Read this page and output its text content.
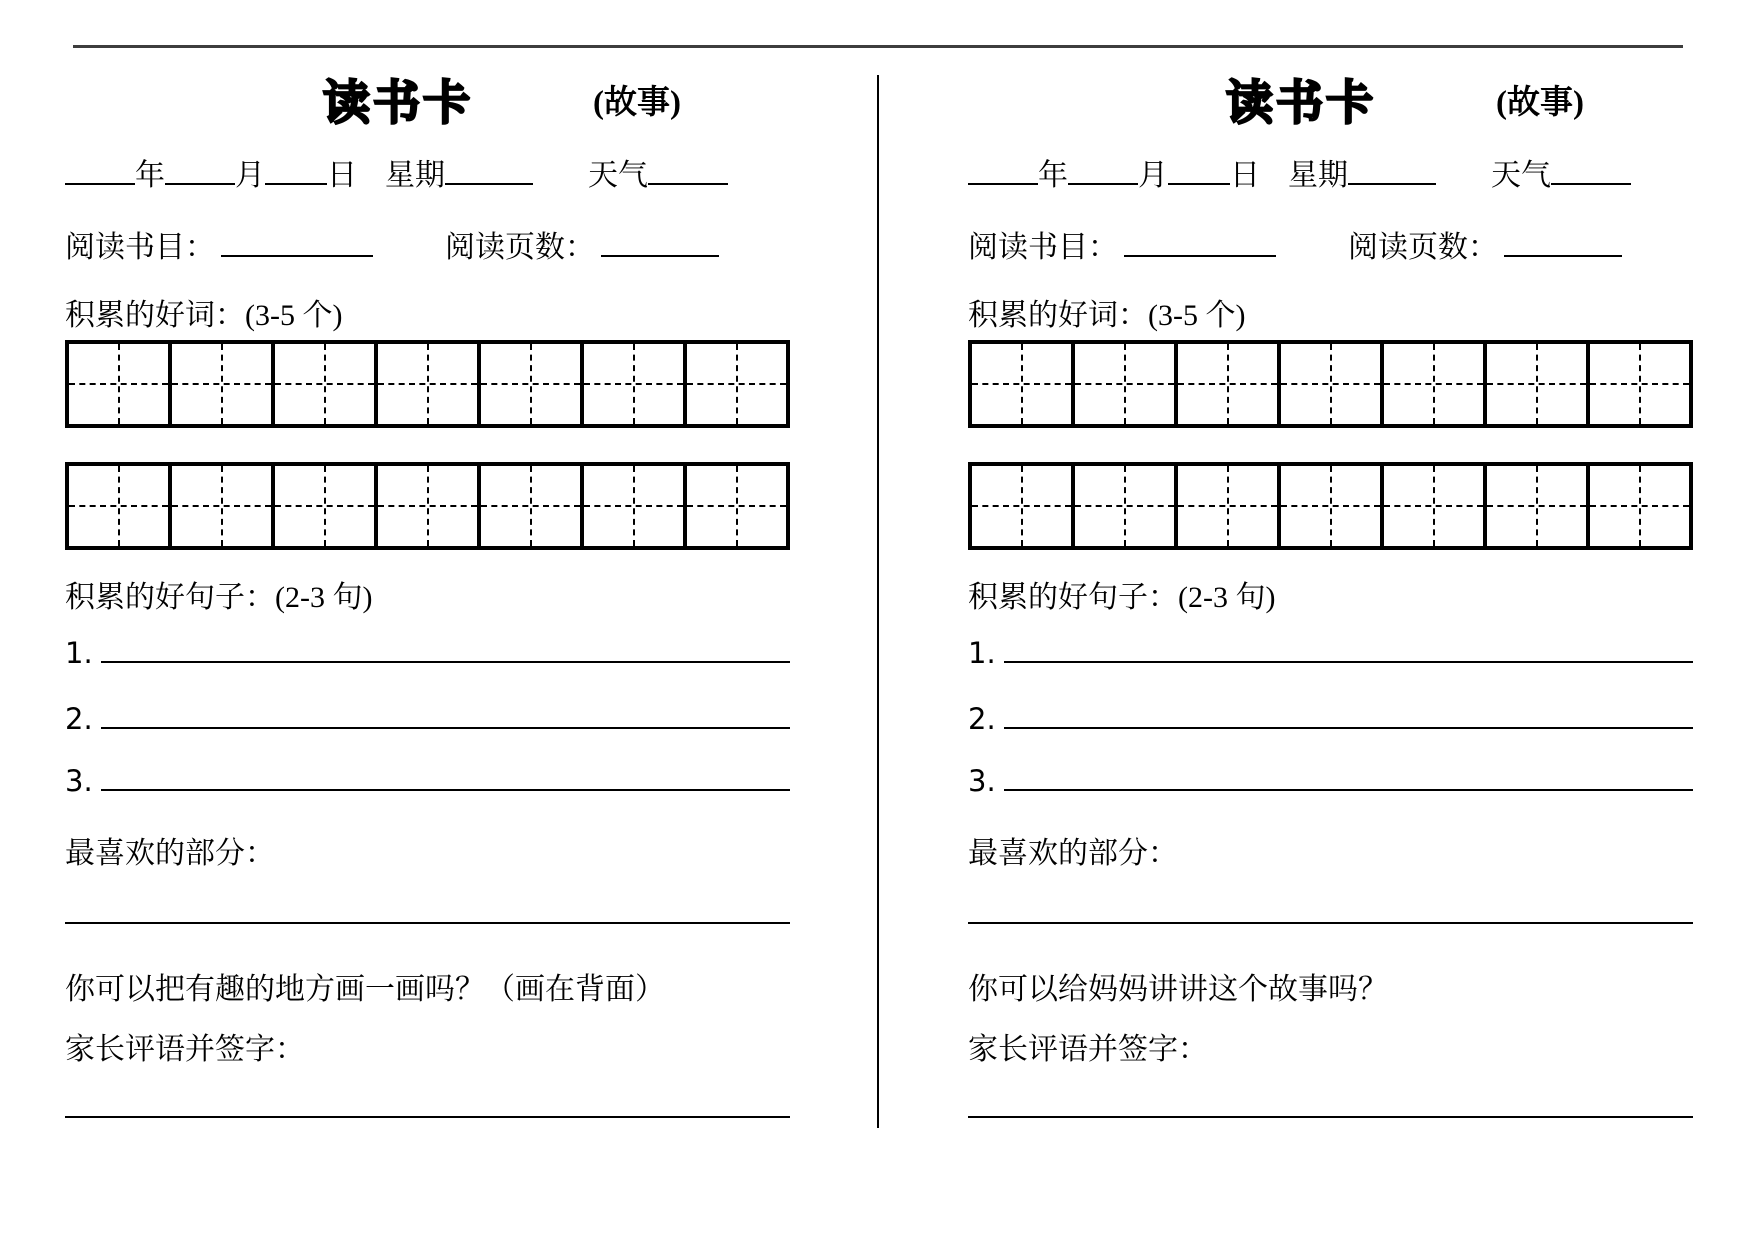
读书卡	(故事)
年 月 日 星期	天气
阅读书目：	阅读页数：
积累的好词：(3-5 个)
积累的好句子：(2-3 句)
1.
2.
3.
最喜欢的部分：
你可以把有趣的地方画一画吗？（画在背面）
家长评语并签字：
读书卡	(故事)
年 月 日 星期	天气
阅读书目：	阅读页数：
积累的好词：(3-5 个)
积累的好句子：(2-3 句)
1.
2.
3.
最喜欢的部分：
你可以给妈妈讲讲这个故事吗？
家长评语并签字：
